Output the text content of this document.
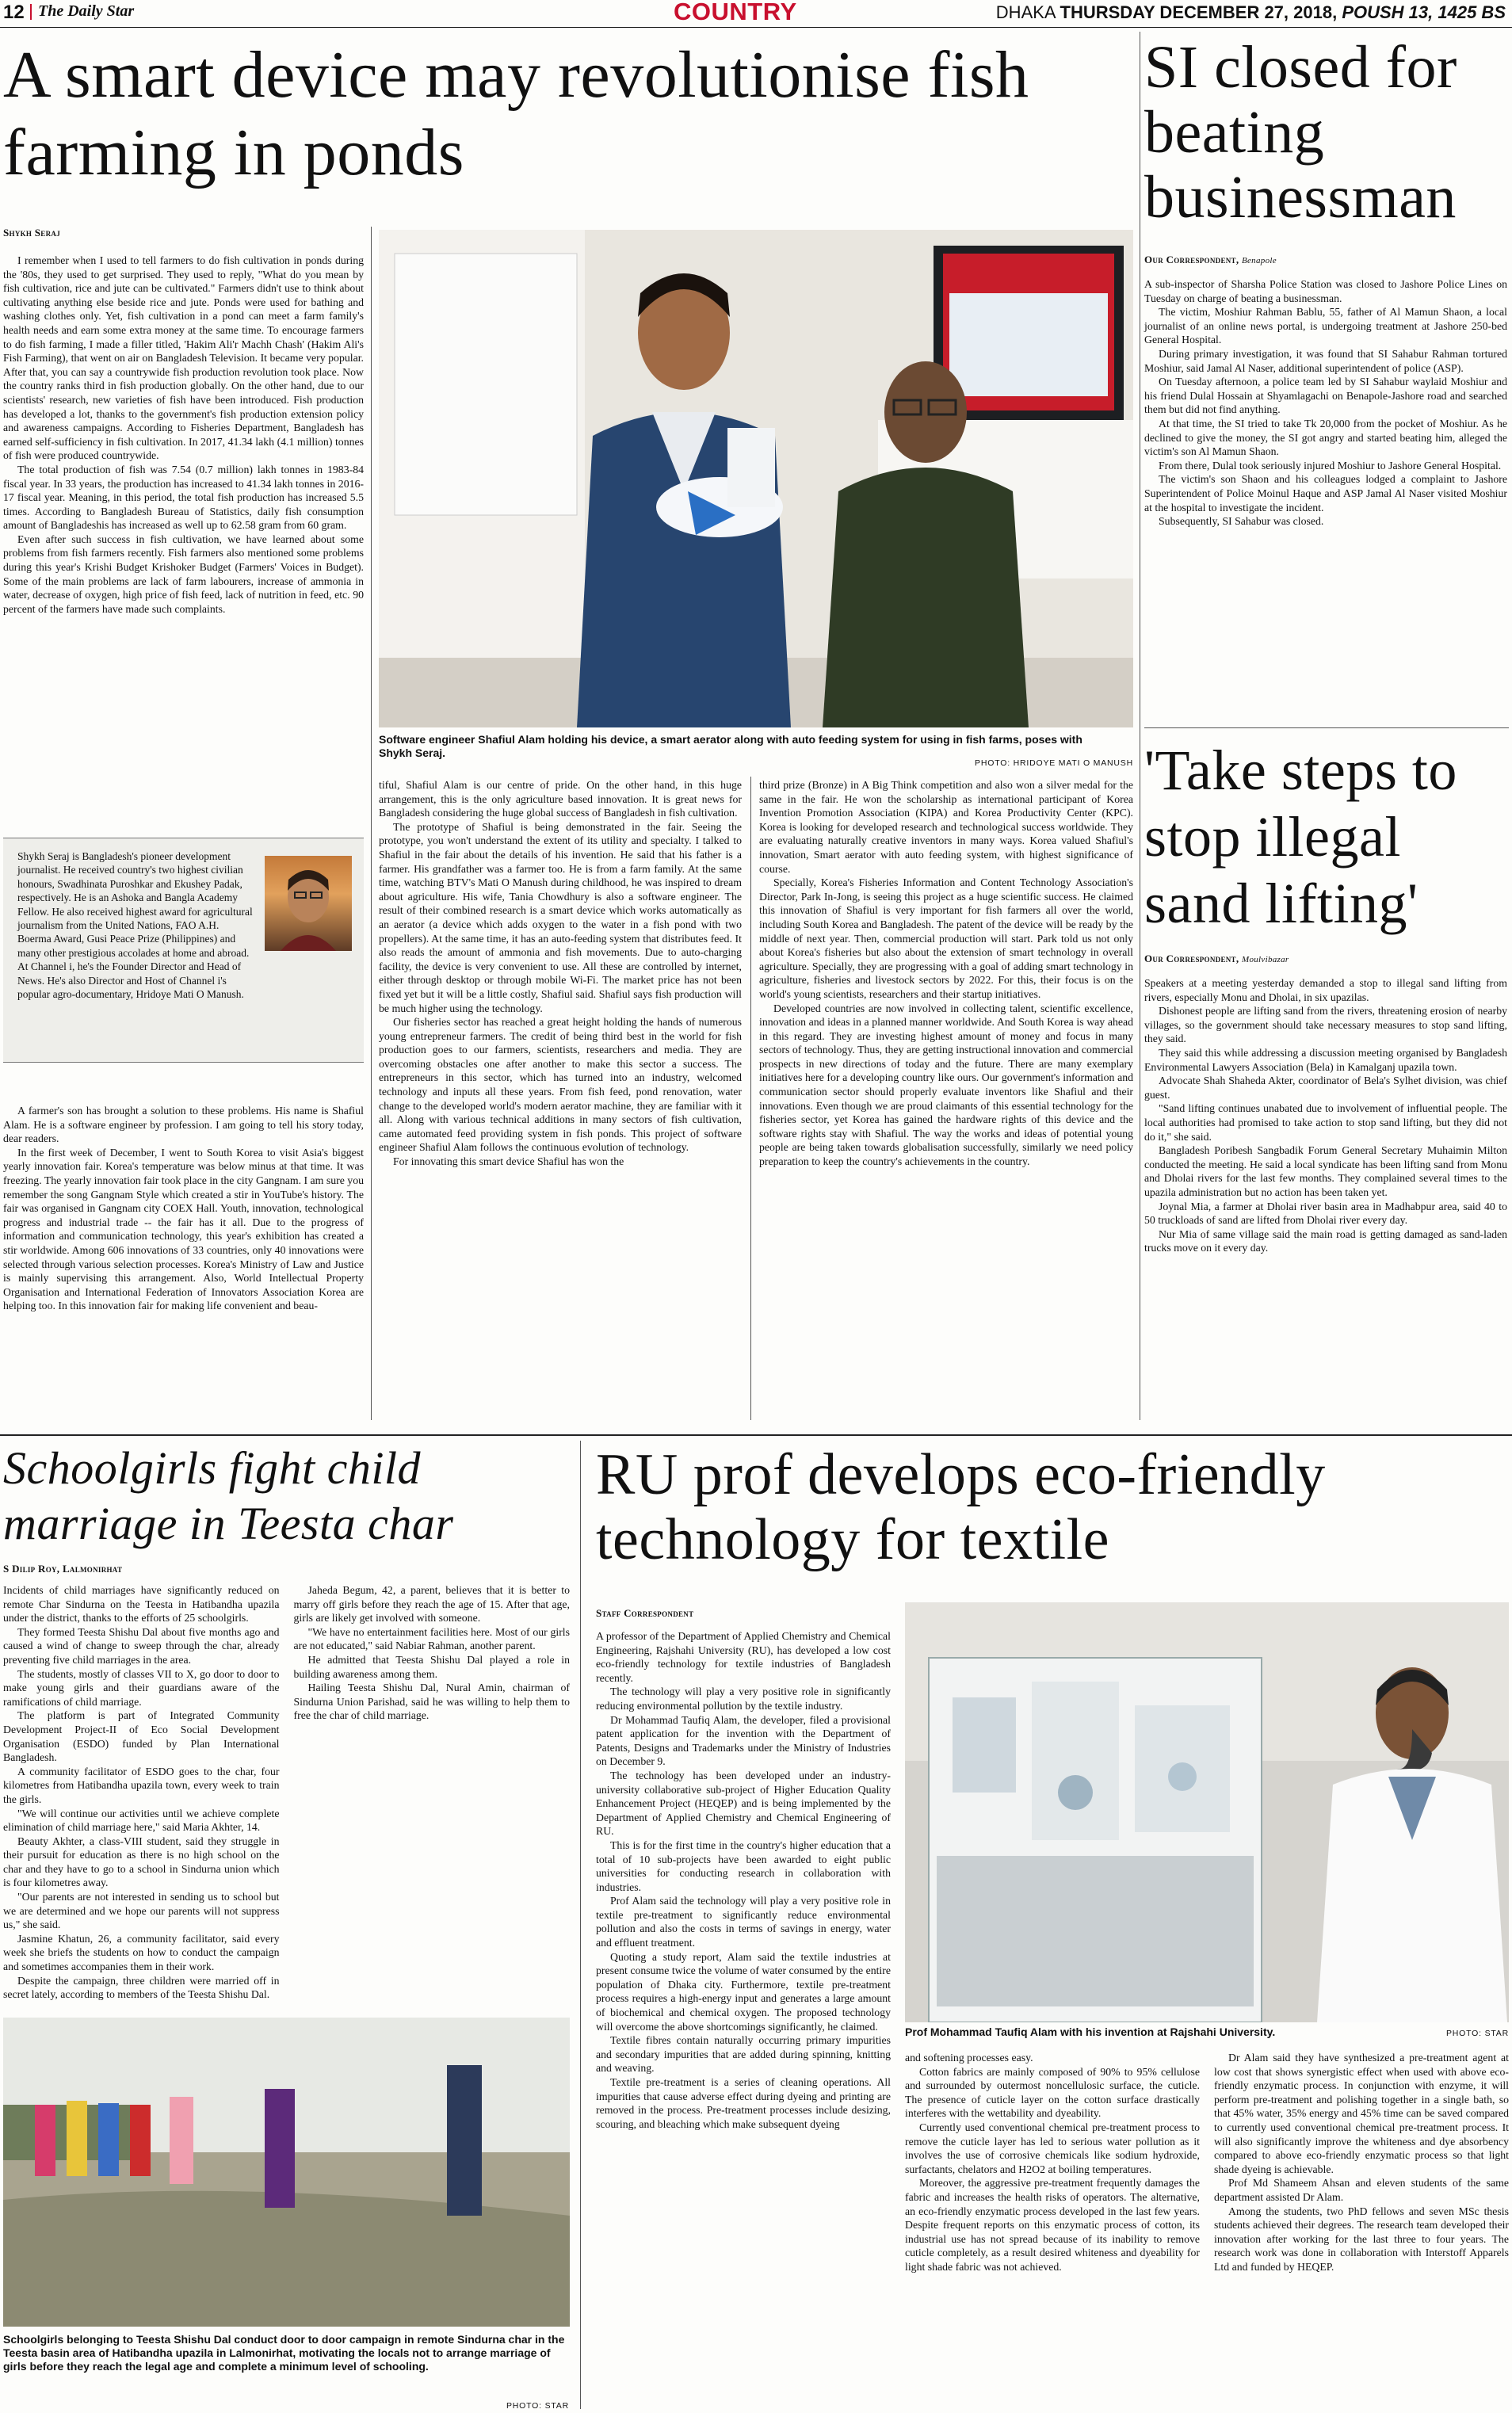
12 The Daily Star	COUNTRY	DHAKA THURSDAY DECEMBER 27, 2018, POUSH 13, 1425 BS
A smart device may revolutionise fish farming in ponds
Shykh Seraj

I remember when I used to tell farmers to do fish cultivation in ponds during the '80s, they used to get surprised. They used to reply, "What do you mean by fish cultivation, rice and jute can be cultivated." Farmers didn't use to think about cultivating anything else beside rice and jute. Ponds were used for bathing and washing clothes only. Yet, fish cultivation in a pond can meet a farm family's health needs and earn some extra money at the same time. To encourage farmers to do fish farming, I made a filler titled, 'Hakim Ali'r Machh Chash' (Hakim Ali's Fish Farming), that went on air on Bangladesh Television. It became very popular. After that, you can say a countrywide fish production revolution took place. Now the country ranks third in fish production globally. On the other hand, due to our scientists' research, new varieties of fish have been introduced. Fish production has developed a lot, thanks to the government's fish production extension policy and awareness campaigns. According to Fisheries Department, Bangladesh has earned self-sufficiency in fish cultivation. In 2017, 41.34 lakh (4.1 million) tonnes of fish were produced countrywide.

The total production of fish was 7.54 (0.7 million) lakh tonnes in 1983-84 fiscal year. In 33 years, the production has increased to 41.34 lakh tonnes in 2016-17 fiscal year. Meaning, in this period, the total fish production has increased 5.5 times. According to Bangladesh Bureau of Statistics, daily fish consumption amount of Bangladeshis has increased as well up to 62.58 gram from 60 gram.

Even after such success in fish cultivation, we have learned about some problems from fish farmers recently. Fish farmers also mentioned some problems during this year's Krishi Budget Krishoker Budget (Farmers' Voices in Budget). Some of the main problems are lack of farm labourers, increase of ammonia in water, decrease of oxygen, high price of fish feed, lack of nutrition in feed, etc. 90 percent of the farmers have made such complaints.

Shykh Seraj is Bangladesh's pioneer development journalist. He received country's two highest civilian honours, Swadhinata Puroshkar and Ekushey Padak, respectively. He is an Ashoka and Bangla Academy Fellow. He also received highest award for agricultural journalism from the United Nations, FAO A.H. Boerma Award, Gusi Peace Prize (Philippines) and many other prestigious accolades at home and abroad. At Channel i, he's the Founder Director and Head of News. He's also Director and Host of Channel i's popular agro-documentary, Hridoye Mati O Manush.

A farmer's son has brought a solution to these problems. His name is Shafiul Alam. He is a software engineer by profession. I am going to tell his story today, dear readers.

In the first week of December, I went to South Korea to visit Asia's biggest yearly innovation fair. Korea's temperature was below minus at that time. It was freezing. The yearly innovation fair took place in the city Gangnam. I am sure you remember the song Gangnam Style which created a stir in YouTube's history. The fair was organised in Gangnam city COEX Hall. Youth, innovation, technological progress and industrial trade -- the fair has it all. Due to the progress of information and communication technology, this year's exhibition has created a stir worldwide. Among 606 innovations of 33 countries, only 40 innovations were selected through various selection processes. Korea's Ministry of Law and Justice is mainly supervising this arrangement. Also, World Intellectual Property Organisation and International Federation of Innovators Association Korea are helping too. In this innovation fair for making life convenient and beau-

Software engineer Shafiul Alam holding his device, a smart aerator along with auto feeding system for using in fish farms, poses with Shykh Seraj.
PHOTO: HRIDOYE MATI O MANUSH

tiful, Shafiul Alam is our centre of pride. On the other hand, in this huge arrangement, this is the only agriculture based innovation. It is great news for Bangladesh considering the huge global success of Bangladesh in fish cultivation.

The prototype of Shafiul is being demonstrated in the fair. Seeing the prototype, you won't understand the extent of its utility and specialty. I talked to Shafiul in the fair about the details of his invention. He said that his father is a farmer. His grandfather was a farmer too. He is from a farm family. At the same time, watching BTV's Mati O Manush during childhood, he was inspired to dream about agriculture. His wife, Tania Chowdhury is also a software engineer. The result of their combined research is a smart device which works automatically as an aerator (a device which adds oxygen to the water in a fish pond with two propellers). At the same time, it has an auto-feeding system that distributes feed. It also reads the amount of ammonia and fish movements. Due to auto-charging facility, the device is very convenient to use. All these are controlled by internet, either through desktop or through mobile Wi-Fi. The market price has not been fixed yet but it will be a little costly, Shafiul said. Shafiul says fish production will be much higher using the technology.

Our fisheries sector has reached a great height holding the hands of numerous young entrepreneur farmers. The credit of being third best in the world for fish production goes to our farmers, scientists, researchers and media. They are overcoming obstacles one after another to make this sector a success. The entrepreneurs in this sector, which has turned into an industry, welcomed technology and inputs all these years. From fish feed, pond renovation, water change to the developed world's modern aerator machine, they are familiar with it all. Along with various technical additions in many sectors of fish cultivation, came automated feed providing system in fish ponds. This project of software engineer Shafiul Alam follows the continuous evolution of technology.

For innovating this smart device Shafiul has won the

third prize (Bronze) in A Big Think competition and also won a silver medal for the same in the fair. He won the scholarship as international participant of Korea Invention Promotion Association (KIPA) and Korea Productivity Center (KPC). Korea is looking for developed research and technological success worldwide. They are evaluating naturally creative inventors in many ways. Korea valued Shafiul's innovation, Smart aerator with auto feeding system, with highest significance of course.

Specially, Korea's Fisheries Information and Content Technology Association's Director, Park In-Jong, is seeing this project as a huge scientific success. He claimed this innovation of Shafiul is very important for fish farmers all over the world, including South Korea and Bangladesh. The patent of the device will be ready by the middle of next year. Then, commercial production will start. Park told us not only about Korea's fisheries but also about the extension of smart technology in overall agriculture. Specially, they are progressing with a goal of adding smart technology in agriculture, fisheries and livestock sectors by 2022. For this, their focus is on the world's young scientists, researchers and their startup initiatives.

Developed countries are now involved in collecting talent, scientific excellence, innovation and ideas in a planned manner worldwide. And South Korea is way ahead in this regard. They are investing highest amount of money and focus in many sectors of technology. Thus, they are getting instructional innovation and commercial prospects in new directions of today and the future. There are many exemplary initiatives here for a developing country like ours. Our government's information and communication sector should properly evaluate inventors like Shafiul and their innovations. Even though we are proud claimants of this essential technology for the fisheries sector, yet Korea has gained the hardware rights of this device and the software rights stay with Shafiul. The way the works and ideas of potential young people are being taken towards globalisation successfully, similarly we need policy preparation to keep the country's achievements in the country.

SI closed for beating businessman
Our Correspondent, Benapole

A sub-inspector of Sharsha Police Station was closed to Jashore Police Lines on Tuesday on charge of beating a businessman.

The victim, Moshiur Rahman Bablu, 55, father of Al Mamun Shaon, a local journalist of an online news portal, is undergoing treatment at Jashore 250-bed General Hospital.

During primary investigation, it was found that SI Sahabur Rahman tortured Moshiur, said Jamal Al Naser, additional superintendent of police (ASP).

On Tuesday afternoon, a police team led by SI Sahabur waylaid Moshiur and his friend Dulal Hossain at Shyamlagachi on Benapole-Jashore road and searched them but did not find anything.

At that time, the SI tried to take Tk 20,000 from the pocket of Moshiur. As he declined to give the money, the SI got angry and started beating him, alleged the victim's son Al Mamun Shaon.

From there, Dulal took seriously injured Moshiur to Jashore General Hospital.

The victim's son Shaon and his colleagues lodged a complaint to Jashore Superintendent of Police Moinul Haque and ASP Jamal Al Naser visited Moshiur at the hospital to investigate the incident.

Subsequently, SI Sahabur was closed.

'Take steps to stop illegal sand lifting'
Our Correspondent, Moulvibazar

Speakers at a meeting yesterday demanded a stop to illegal sand lifting from rivers, especially Monu and Dholai, in six upazilas.

Dishonest people are lifting sand from the rivers, threatening erosion of nearby villages, so the government should take necessary measures to stop sand lifting, they said.

They said this while addressing a discussion meeting organised by Bangladesh Environmental Lawyers Association (Bela) in Kamalganj upazila town.

Advocate Shah Shaheda Akter, coordinator of Bela's Sylhet division, was chief guest.

"Sand lifting continues unabated due to involvement of influential people. The local authorities had promised to take action to stop sand lifting, but they did not do it," she said.

Bangladesh Poribesh Sangbadik Forum General Secretary Muhaimin Milton conducted the meeting. He said a local syndicate has been lifting sand from Monu and Dholai rivers for the last few months. They complained several times to the upazila administration but no action has been taken yet.

Joynal Mia, a farmer at Dholai river basin area in Madhabpur area, said 40 to 50 truckloads of sand are lifted from Dholai river every day.

Nur Mia of same village said the main road is getting damaged as sand-laden trucks move on it every day.

Schoolgirls fight child marriage in Teesta char
S Dilip Roy, Lalmonirhat

Incidents of child marriages have significantly reduced on remote Char Sindurna on the Teesta in Hatibandha upazila under the district, thanks to the efforts of 25 schoolgirls.

They formed Teesta Shishu Dal about five months ago and caused a wind of change to sweep through the char, already preventing five child marriages in the area.

The students, mostly of classes VII to X, go door to door to make young girls and their guardians aware of the ramifications of child marriage.

The platform is part of Integrated Community Development Project-II of Eco Social Development Organisation (ESDO) funded by Plan International Bangladesh.

A community facilitator of ESDO goes to the char, four kilometres from Hatibandha upazila town, every week to train the girls.

"We will continue our activities until we achieve complete elimination of child marriage here," said Maria Akhter, 14.

Beauty Akhter, a class-VIII student, said they struggle in their pursuit for education as there is no high school on the char and they have to go to a school in Sindurna union which is four kilometres away.

"Our parents are not interested in sending us to school but we are determined and we hope our parents will not suppress us," she said.

Jasmine Khatun, 26, a community facilitator, said every week she briefs the students on how to conduct the campaign and sometimes accompanies them in their work.

Despite the campaign, three children were married off in secret lately, according to members of the Teesta Shishu Dal.

Jaheda Begum, 42, a parent, believes that it is better to marry off girls before they reach the age of 15. After that age, girls are likely get involved with someone.

"We have no entertainment facilities here. Most of our girls are not educated," said Nabiar Rahman, another parent.

He admitted that Teesta Shishu Dal played a role in building awareness among them.

Hailing Teesta Shishu Dal, Nural Amin, chairman of Sindurna Union Parishad, said he was willing to help them to free the char of child marriage.

Schoolgirls belonging to Teesta Shishu Dal conduct door to door campaign in remote Sindurna char in the Teesta basin area of Hatibandha upazila in Lalmonirhat, motivating the locals not to arrange marriage of girls before they reach the legal age and complete a minimum level of schooling.
PHOTO: STAR
RU prof develops eco-friendly technology for textile
Staff Correspondent

A professor of the Department of Applied Chemistry and Chemical Engineering, Rajshahi University (RU), has developed a low cost eco-friendly technology for textile industries of Bangladesh recently.

The technology will play a very positive role in significantly reducing environmental pollution by the textile industry.

Dr Mohammad Taufiq Alam, the developer, filed a provisional patent application for the invention with the Department of Patents, Designs and Trademarks under the Ministry of Industries on December 9.

The technology has been developed under an industry-university collaborative sub-project of Higher Education Quality Enhancement Project (HEQEP) and is being implemented by the Department of Applied Chemistry and Chemical Engineering of RU.

This is for the first time in the country's higher education that a total of 10 sub-projects have been awarded to eight public universities for conducting research in collaboration with industries.

Prof Alam said the technology will play a very positive role in textile pre-treatment to significantly reduce environmental pollution and also the costs in terms of savings in energy, water and effluent treatment.

Quoting a study report, Alam said the textile industries at present consume twice the volume of water consumed by the entire population of Dhaka city. Furthermore, textile pre-treatment process requires a high-energy input and generates a large amount of biochemical and chemical oxygen. The proposed technology will overcome the above shortcomings significantly, he claimed.

Textile fibres contain naturally occurring primary impurities and secondary impurities that are added during spinning, knitting and weaving.

Textile pre-treatment is a series of cleaning operations. All impurities that cause adverse effect during dyeing and printing are removed in the process. Pre-treatment processes include desizing, scouring, and bleaching which make subsequent dyeing

Prof Mohammad Taufiq Alam with his invention at Rajshahi University.	PHOTO: STAR

and softening processes easy.

Cotton fabrics are mainly composed of 90% to 95% cellulose and surrounded by outermost noncellulosic surface, the cuticle. The presence of cuticle layer on the cotton surface drastically interferes with the wettability and dyeability.

Currently used conventional chemical pre-treatment process to remove the cuticle layer has led to serious water pollution as it involves the use of corrosive chemicals like sodium hydroxide, surfactants, chelators and H2O2 at boiling temperatures.

Moreover, the aggressive pre-treatment frequently damages the fabric and increases the health risks of operators. The alternative, an eco-friendly enzymatic process developed in the last few years. Despite frequent reports on this enzymatic process of cotton, its industrial use has not spread because of its inability to remove cuticle completely, as a result desired whiteness and dyeability for light shade fabric was not achieved.

Dr Alam said they have synthesized a pre-treatment agent at low cost that shows synergistic effect when used with above eco-friendly enzymatic process. In conjunction with enzyme, it will perform pre-treatment and polishing together in a single bath, so that 45% water, 35% energy and 45% time can be saved compared to currently used conventional chemical pre-treatment process. It will also significantly improve the whiteness and dye absorbency compared to above eco-friendly enzymatic process so that light shade dyeing is achievable.

Prof Md Shameem Ahsan and eleven students of the same department assisted Dr Alam.

Among the students, two PhD fellows and seven MSc thesis students achieved their degrees. The research team developed their innovation after working for the last three to four years. The research work was done in collaboration with Interstoff Apparels Ltd and funded by HEQEP.
